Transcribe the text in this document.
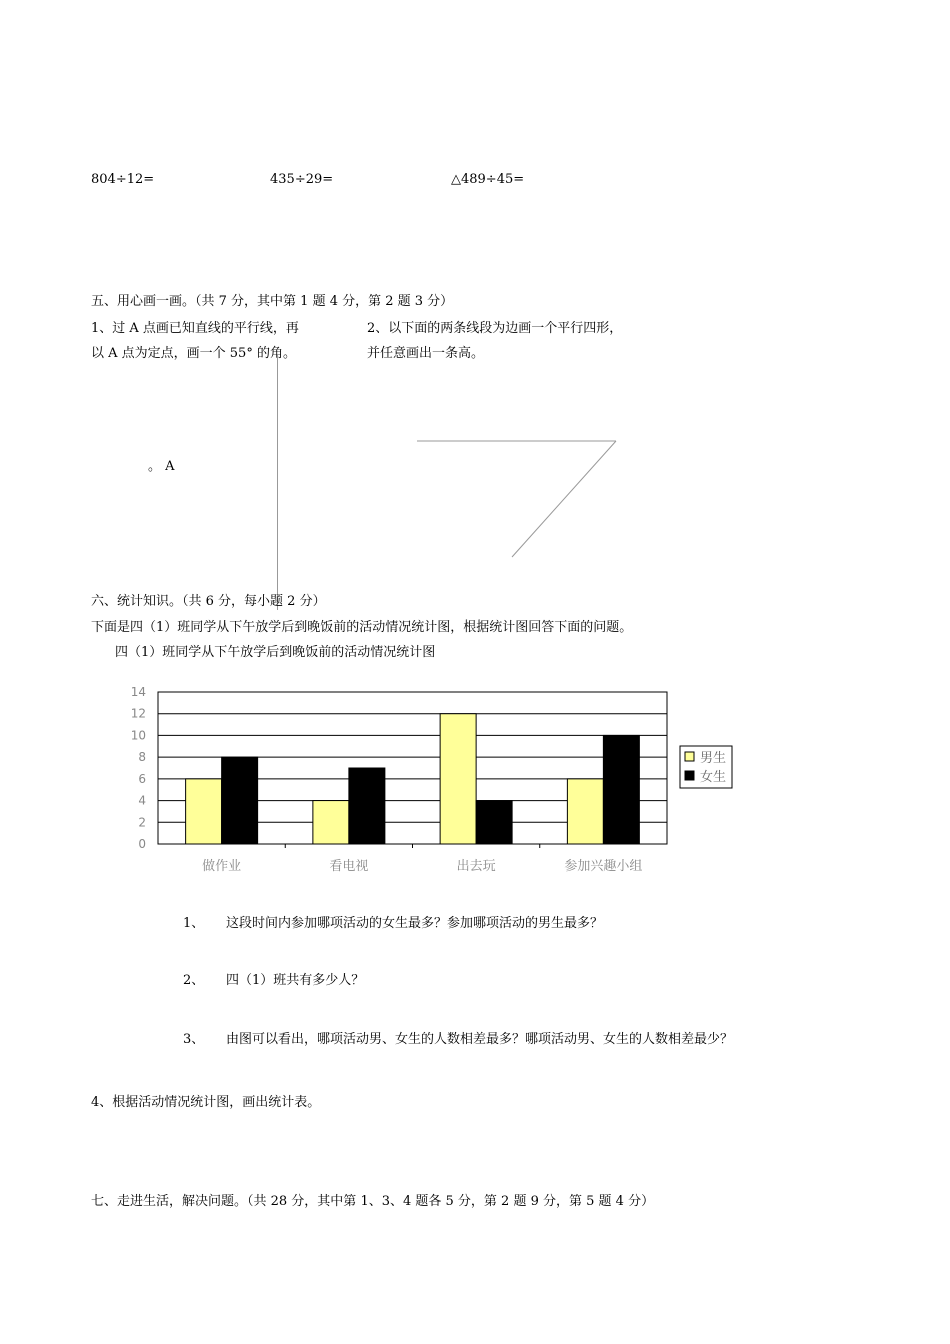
804÷12=	435÷29=	△489÷45=
五、用心画一画。（共 7 分，其中第 1 题 4 分，第 2 题 3 分）
1、过 A 点画已知直线的平行线，再
以 A 点为定点，画一个 55° 的角。
2、以下面的两条线段为边画一个平行四形，
并任意画出一条高。
。 A
六、统计知识。（共 6 分，每小题 2 分）
下面是四（1）班同学从下午放学后到晚饭前的活动情况统计图，根据统计图回答下面的问题。
四（1）班同学从下午放学后到晚饭前的活动情况统计图
0
2
4
6
8
10
12
14
做作业	看电视	出去玩	参加兴趣小组
男生
女生
1、 这段时间内参加哪项活动的女生最多？参加哪项活动的男生最多？
2、 四（1）班共有多少人？
3、 由图可以看出，哪项活动男、女生的人数相差最多？哪项活动男、女生的人数相差最少？
4、根据活动情况统计图，画出统计表。
七、走进生活，解决问题。（共 28 分，其中第 1、3、4 题各 5 分，第 2 题 9 分，第 5 题 4 分）
